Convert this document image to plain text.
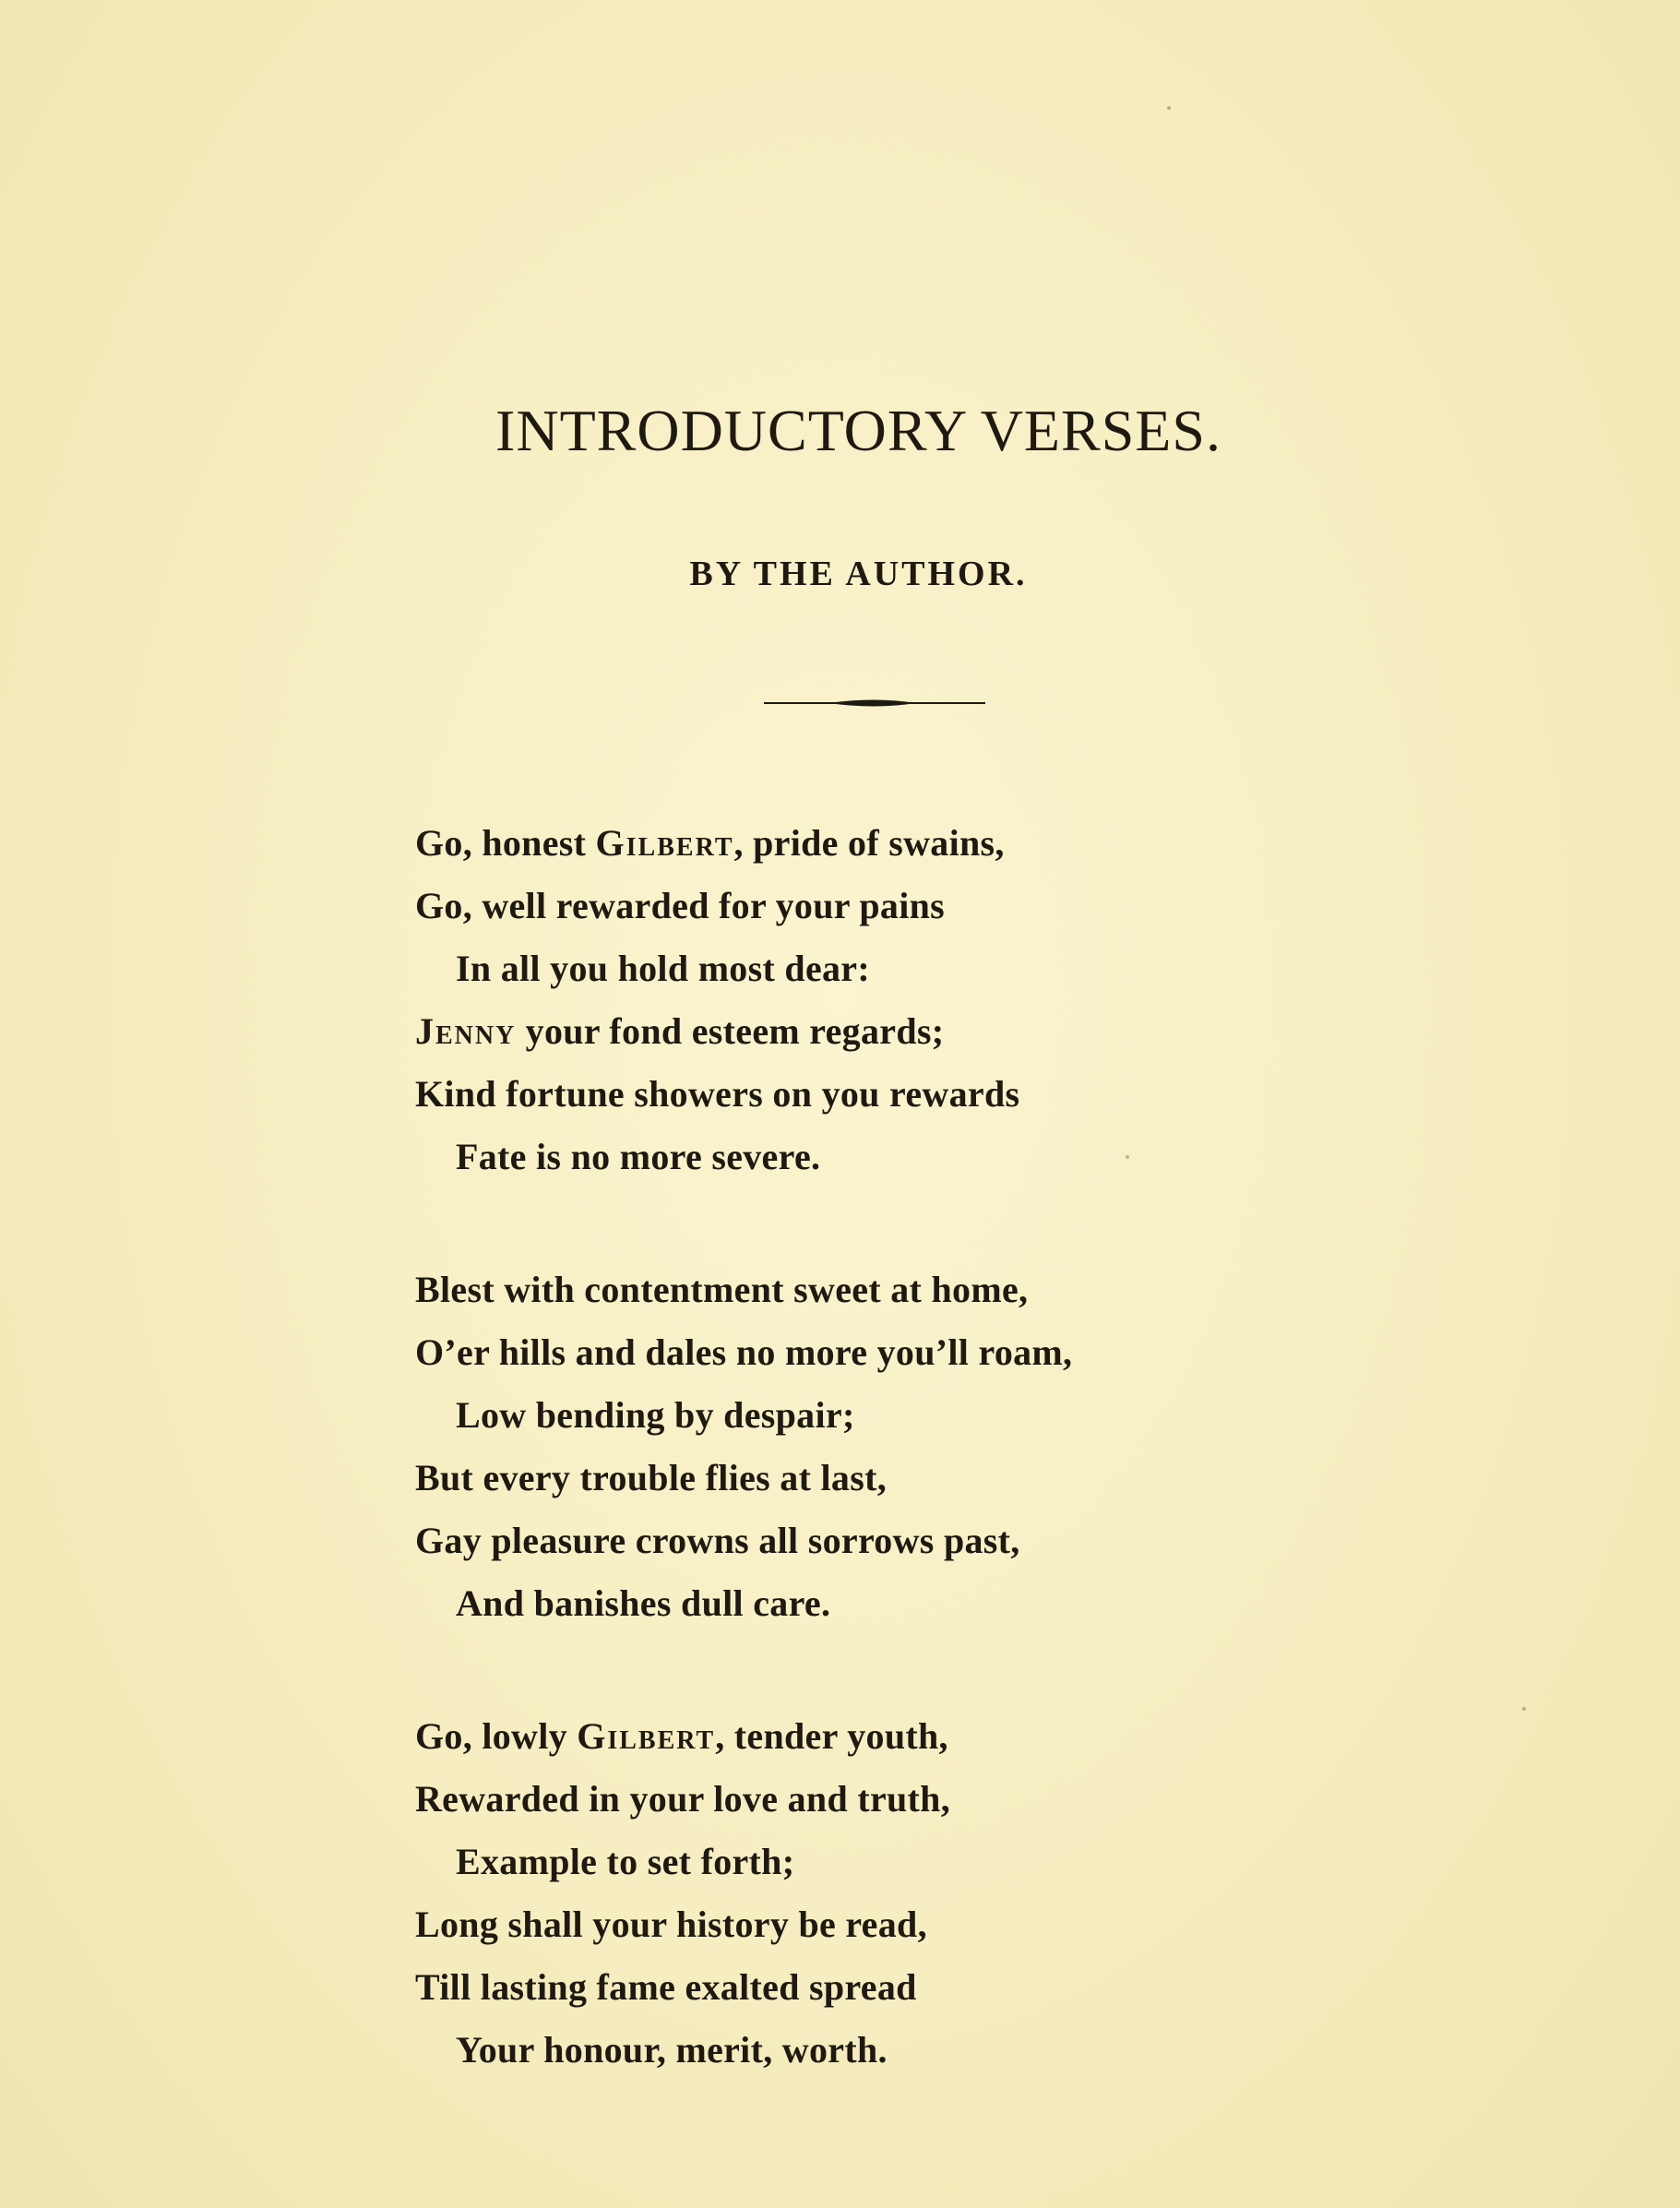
INTRODUCTORY VERSES.
BY THE AUTHOR.
Go, honest Gilbert, pride of swains,
Go, well rewarded for your pains
In all you hold most dear:
Jenny your fond esteem regards;
Kind fortune showers on you rewards
Fate is no more severe.
Blest with contentment sweet at home,
O’er hills and dales no more you’ll roam,
Low bending by despair;
But every trouble flies at last,
Gay pleasure crowns all sorrows past,
And banishes dull care.
Go, lowly Gilbert, tender youth,
Rewarded in your love and truth,
Example to set forth;
Long shall your history be read,
Till lasting fame exalted spread
Your honour, merit, worth.
